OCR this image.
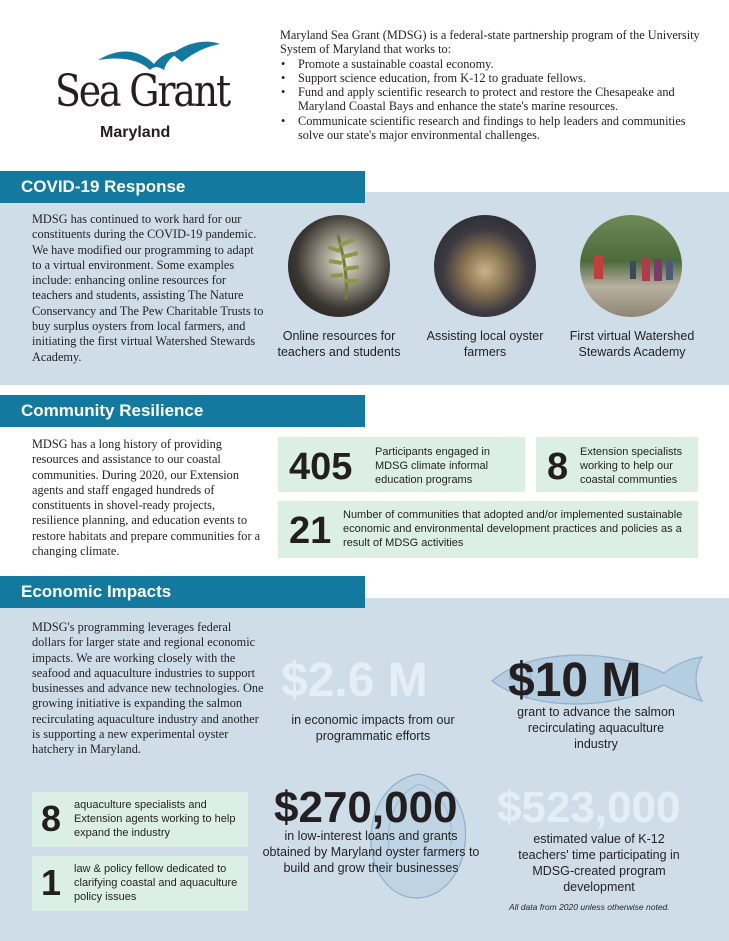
Sea Grant
Maryland

Maryland Sea Grant (MDSG) is a federal-state partnership program of the University System of Maryland that works to:

• Promote a sustainable coastal economy.
• Support science education, from K-12 to graduate fellows.
• Fund and apply scientific research to protect and restore the Chesapeake and Maryland Coastal Bays and enhance the state's marine resources.
• Communicate scientific research and findings to help leaders and communities solve our state's major environmental challenges.
COVID-19 Response
MDSG has continued to work hard for our constituents during the COVID-19 pandemic. We have modified our programming to adapt to a virtual environment. Some examples include: enhancing online resources for teachers and students, assisting The Nature Conservancy and The Pew Charitable Trusts to buy surplus oysters from local farmers, and initiating the first virtual Watershed Stewards Academy.
Online resources for teachers and students
Assisting local oyster farmers
First virtual Watershed Stewards Academy
Community Resilience
MDSG has a long history of providing resources and assistance to our coastal communities. During 2020, our Extension agents and staff engaged hundreds of constituents in shovel-ready projects, resilience planning, and education events to restore habitats and prepare communities for a changing climate.
405 Participants engaged in MDSG climate informal education programs	8 Extension specialists working to help our coastal communties
21 Number of communities that adopted and/or implemented sustainable economic and environmental development practices and policies as a result of MDSG activities
Economic Impacts
MDSG's programming leverages federal dollars for larger state and regional economic impacts. We are working closely with the seafood and aquaculture industries to support businesses and advance new technologies. One growing initiative is expanding the salmon recirculating aquaculture industry and another is supporting a new experimental oyster hatchery in Maryland.
8 aquaculture specialists and Extension agents working to help expand the industry
1 law & policy fellow dedicated to clarifying coastal and aquaculture policy issues
$2.6 M
in economic impacts from our programmatic efforts
$10 M
grant to advance the salmon recirculating aquaculture industry
$270,000
in low-interest loans and grants obtained by Maryland oyster farmers to build and grow their businesses
$523,000
estimated value of K-12 teachers' time participating in MDSG-created program development
All data from 2020 unless otherwise noted.
